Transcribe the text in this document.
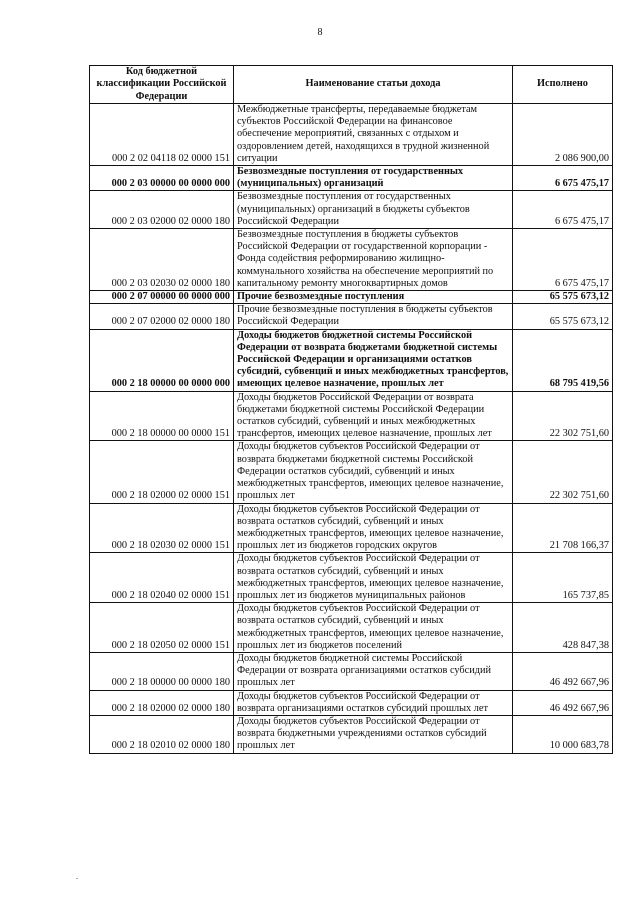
8
Код бюджетной классификации Российской Федерации	Наименование статьи дохода	Исполнено
000 2 02 04118 02 0000 151	Межбюджетные трансферты, передаваемые бюджетам субъектов Российской Федерации на финансовое обеспечение мероприятий, связанных с отдыхом и оздоровлением детей, находящихся в трудной жизненной ситуации	2 086 900,00
000 2 03 00000 00 0000 000	Безвозмездные поступления от государственных (муниципальных) организаций	6 675 475,17
000 2 03 02000 02 0000 180	Безвозмездные поступления от государственных (муниципальных) организаций в бюджеты субъектов Российской Федерации	6 675 475,17
000 2 03 02030 02 0000 180	Безвозмездные поступления в бюджеты субъектов Российской Федерации от государственной корпорации - Фонда содействия реформированию жилищно-коммунального хозяйства на обеспечение мероприятий по капитальному ремонту многоквартирных домов	6 675 475,17
000 2 07 00000 00 0000 000	Прочие безвозмездные поступления	65 575 673,12
000 2 07 02000 02 0000 180	Прочие безвозмездные поступления в бюджеты субъектов Российской Федерации	65 575 673,12
000 2 18 00000 00 0000 000	Доходы бюджетов бюджетной системы Российской Федерации от возврата бюджетами бюджетной системы Российской Федерации и организациями остатков субсидий, субвенций и иных межбюджетных трансфертов, имеющих целевое назначение, прошлых лет	68 795 419,56
000 2 18 00000 00 0000 151	Доходы бюджетов Российской Федерации от возврата бюджетами бюджетной системы Российской Федерации остатков субсидий, субвенций и иных межбюджетных трансфертов, имеющих целевое назначение, прошлых лет	22 302 751,60
000 2 18 02000 02 0000 151	Доходы бюджетов субъектов Российской Федерации от возврата бюджетами бюджетной системы Российской Федерации остатков субсидий, субвенций и иных межбюджетных трансфертов, имеющих целевое назначение, прошлых лет	22 302 751,60
000 2 18 02030 02 0000 151	Доходы бюджетов субъектов Российской Федерации от возврата остатков субсидий, субвенций и иных межбюджетных трансфертов, имеющих целевое назначение, прошлых лет из бюджетов городских округов	21 708 166,37
000 2 18 02040 02 0000 151	Доходы бюджетов субъектов Российской Федерации от возврата остатков субсидий, субвенций и иных межбюджетных трансфертов, имеющих целевое назначение, прошлых лет из бюджетов муниципальных районов	165 737,85
000 2 18 02050 02 0000 151	Доходы бюджетов субъектов Российской Федерации от возврата остатков субсидий, субвенций и иных межбюджетных трансфертов, имеющих целевое назначение, прошлых лет из бюджетов поселений	428 847,38
000 2 18 00000 00 0000 180	Доходы бюджетов бюджетной системы Российской Федерации от возврата организациями остатков субсидий прошлых лет	46 492 667,96
000 2 18 02000 02 0000 180	Доходы бюджетов субъектов Российской Федерации от возврата организациями остатков субсидий прошлых лет	46 492 667,96
000 2 18 02010 02 0000 180	Доходы бюджетов субъектов Российской Федерации от возврата бюджетными учреждениями остатков субсидий прошлых лет	10 000 683,78
.
